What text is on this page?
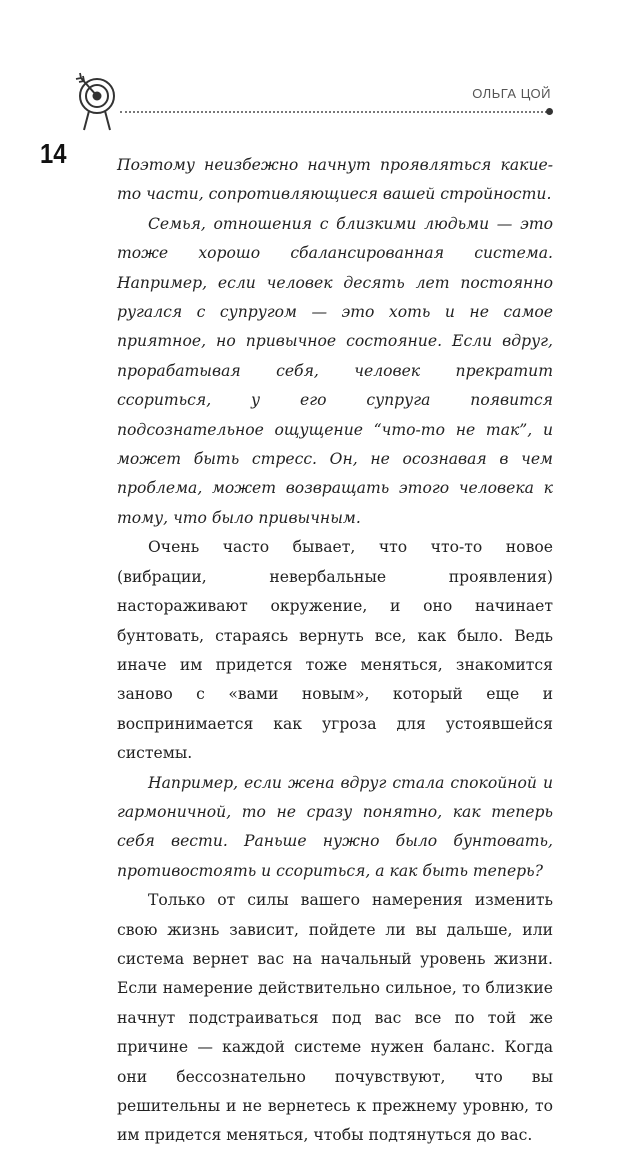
ОЛЬГА ЦОЙ
14	Поэтому неизбежно начнут проявляться какие-то части, сопротивляющиеся вашей стройности.

Семья, отношения с близкими людьми — это тоже хорошо сбалансированная система. Например, если человек десять лет постоянно ругался с супругом — это хоть и не самое приятное, но привычное состояние. Если вдруг, прорабатывая себя, человек прекратит ссориться, у его супруга появится подсознательное ощущение “что-то не так”, и может быть стресс. Он, не осознавая в чем проблема, может возвращать этого человека к тому, что было привычным.

Очень часто бывает, что что-то новое (вибрации, невербальные проявления) настораживают окружение, и оно начинает бунтовать, стараясь вернуть все, как было. Ведь иначе им придется тоже меняться, знакомится заново с «вами новым», который еще и воспринимается как угроза для устоявшейся системы.

Например, если жена вдруг стала спокойной и гармоничной, то не сразу понятно, как теперь себя вести. Раньше нужно было бунтовать, противостоять и ссориться, а как быть теперь?

Только от силы вашего намерения изменить свою жизнь зависит, пойдете ли вы дальше, или система вернет вас на начальный уровень жизни. Если намерение действительно сильное, то близкие начнут подстраиваться под вас все по той же причине — каждой системе нужен баланс. Когда они бессознательно почувствуют, что вы решительны и не вернетесь к прежнему уровню, то им придется меняться, чтобы подтянуться до вас.
